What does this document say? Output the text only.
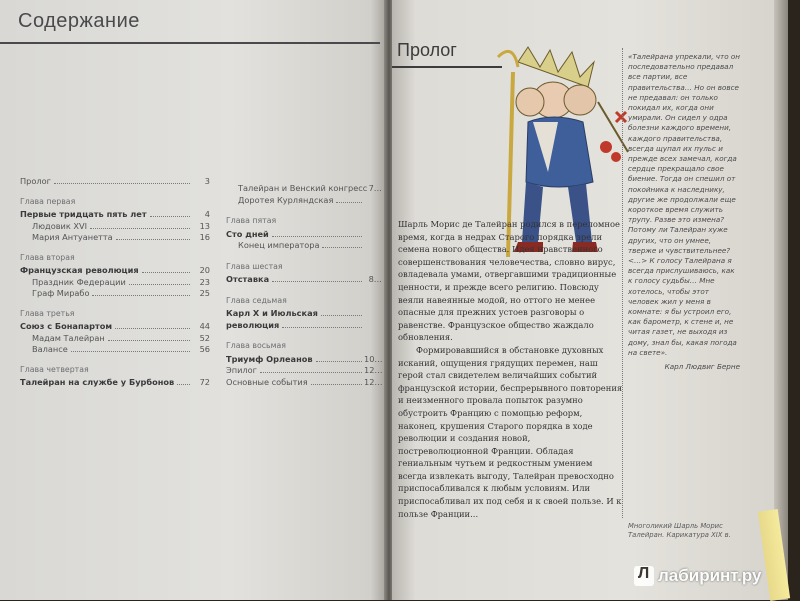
Содержание
Пролог	3
Глава первая
Первые тридцать пять лет	4
Людовик XVI	13
Мария Антуанетта	16
Глава вторая
Французская революция	20
Праздник Федерации	23
Граф Мирабо	25
Глава третья
Союз с Бонапартом	44
Мадам Талейран	52
Валансе	56
Глава четвертая
Талейран на службе у Бурбонов	72
Талейран и Венский конгресс 7…
Доротея Курляндская
Глава пятая
Сто дней
Конец императора
Глава шестая
Отставка	8…
Глава седьмая
Карл X и Июльская
революция
Глава восьмая
Триумф Орлеанов	10…
Эпилог	12…
Основные события	12…
Пролог

Шарль Морис де Талейран родился в переломное время, когда в недрах Старого порядка зрели семена нового общества. Идея нравственного совершенствования человечества, словно вирус, овладевала умами, отвергавшими традиционные ценности, и прежде всего религию. Повсюду веяли навеянные модой, но оттого не менее опасные для прежних устоев разговоры о равенстве. Французское общество жаждало обновления.

Формировавшийся в обстановке духовных исканий, ощущения грядущих перемен, наш герой стал свидетелем величайших событий французской истории, беспрерывного повторения и неизменного провала попыток разумно обустроить Францию с помощью реформ, наконец, крушения Старого порядка в ходе революции и создания новой, постреволюционной Франции. Обладая гениальным чутьем и редкостным умением всегда извлекать выгоду, Талейран превосходно приспосабливался к любым условиям. Или приспосабливал их под себя и к своей пользе. И к пользе Франции...

«Талейрана упрекали, что он последовательно предавал все партии, все правительства… Но он вовсе не предавал: он только покидал их, когда они умирали. Он сидел у одра болезни каждого времени, каждого правительства, всегда щупал их пульс и прежде всех замечал, когда сердце прекращало свое биение. Тогда он спешил от покойника к наследнику, другие же продолжали еще короткое время служить трупу. Разве это измена? Потому ли Талейран хуже других, что он умнее, тверже и чувствительнее? <…> К голосу Талейрана я всегда прислушиваюсь, как к голосу судьбы… Мне хотелось, чтобы этот человек жил у меня в комнате: я бы устроил его, как барометр, к стене и, не читая газет, не выходя из дому, знал бы, какая погода на свете».
Карл Людвиг Берне
Многоликий Шарль Морис Талейран. Карикатура XIX в.
Л лабиринт.ру
